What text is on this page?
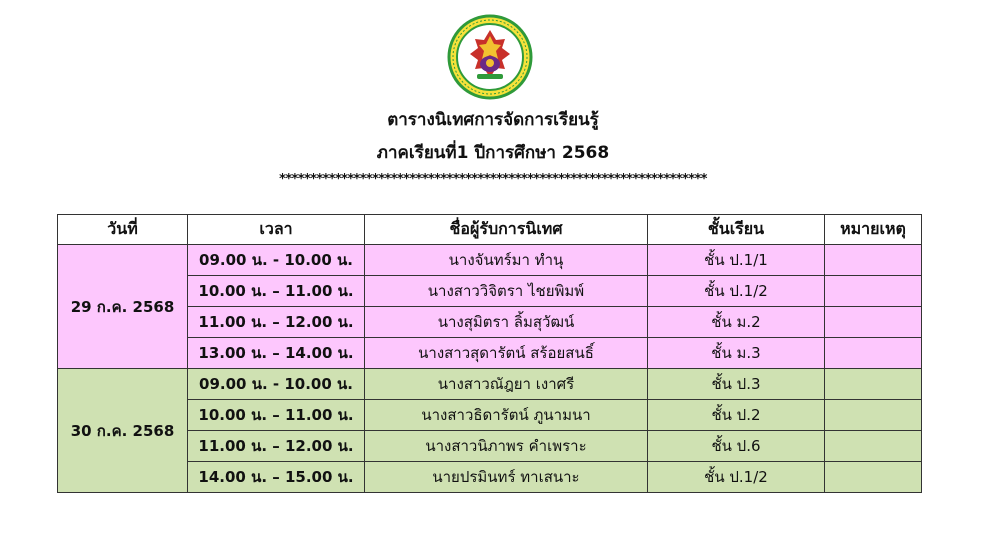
ตารางนิเทศการจัดการเรียนรู้
ภาคเรียนที่1 ปีการศึกษา 2568
*********************************************************************
วันที่	เวลา	ชื่อผู้รับการนิเทศ	ชั้นเรียน	หมายเหตุ
29 ก.ค. 2568	09.00 น. - 10.00 น.	นางจันทร์มา ทำนุ	ชั้น ป.1/1	
	10.00 น. – 11.00 น.	นางสาววิจิตรา ไชยพิมพ์	ชั้น ป.1/2	
	11.00 น. – 12.00 น.	นางสุมิตรา ลิ้มสุวัฒน์	ชั้น ม.2	
	13.00 น. – 14.00 น.	นางสาวสุดารัตน์ สร้อยสนธิ์	ชั้น ม.3	
30 ก.ค. 2568	09.00 น. - 10.00 น.	นางสาวณัฎยา เงาศรี	ชั้น ป.3	
	10.00 น. – 11.00 น.	นางสาวธิดารัตน์ ภูนามนา	ชั้น ป.2	
	11.00 น. – 12.00 น.	นางสาวนิภาพร คำเพราะ	ชั้น ป.6	
	14.00 น. – 15.00 น.	นายปรมินทร์ ทาเสนาะ	ชั้น ป.1/2	
